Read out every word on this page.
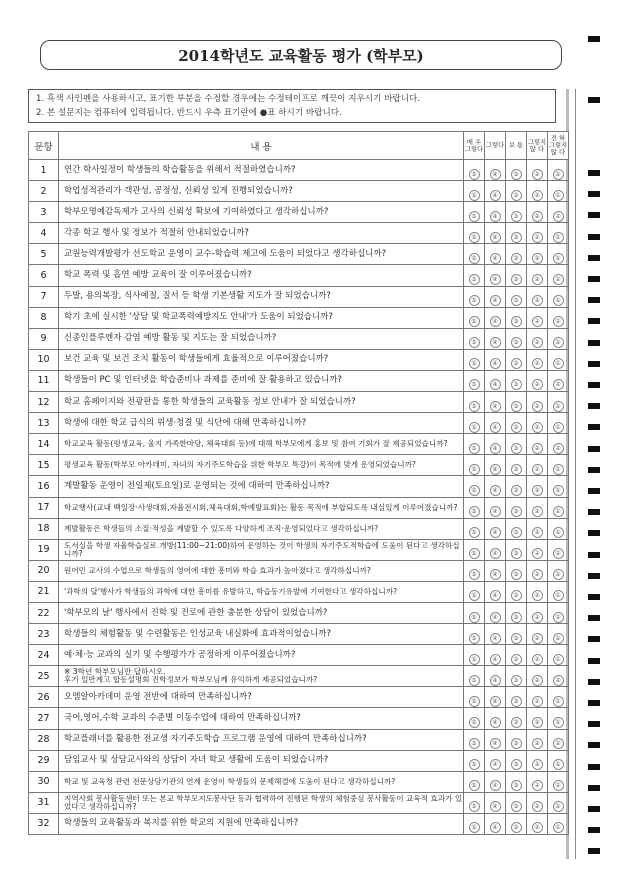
2014학년도 교육활동 평가 (학부모)
1. 흑색 사인펜을 사용하시고, 표기한 부분을 수정할 경우에는 수정테이프로 깨끗이 지우시기 바랍니다.
2. 본 설문지는 컴퓨터에 입력됩니다. 반드시 우측 표기란에 ●표 하시기 바랍니다.
문항	내 용	매 우 그렇다	그렇다	보 통	그렇지 않 다	전 혀 그렇지 않 다
1	연간 학사일정이 학생들의 학습활동을 위해서 적절하였습니까?	⑤	④	③	②	①
2	학업성적관리가 객관성, 공정성, 신뢰성 있게 진행되었습니까?	⑤	④	③	②	①
3	학부모명예감독제가 고사의 신뢰성 확보에 기여하였다고 생각하십니까?	⑤	④	③	②	①
4	각종 학교 행사 및 정보가 적절히 안내되었습니까?	⑤	④	③	②	①
5	교원능력개발평가 선도학교 운영이 교수-학습력 제고에 도움이 되었다고 생각하십니까?	⑤	④	③	②	①
6	학교 폭력 및 흡연 예방 교육이 잘 이루어졌습니까?	⑤	④	③	②	①
7	두발, 용의복장, 식사예절, 질서 등 학생 기본생활 지도가 잘 되었습니까?	⑤	④	③	②	①
8	학기 초에 실시한 '상담 및 학교폭력예방지도 안내'가 도움이 되었습니까?	⑤	④	③	②	①
9	신종인플루엔자 감염 예방 활동 및 지도는 잘 되었습니까?	⑤	④	③	②	①
10	보건 교육 및 보건 조치 활동이 학생들에게 효율적으로 이루어졌습니까?	⑤	④	③	②	①
11	학생들이 PC 및 인터넷을 학습준비나 과제를 준비에 잘 활용하고 있습니까?	⑤	④	③	②	①
12	학교 홈페이지와 전광판을 통한 학생들의 교육활동 정보 안내가 잘 되었습니까?	⑤	④	③	②	①
13	학생에 대한 학교 급식의 위생·청결 및 식단에 대해 만족하십니까?	⑤	④	③	②	①
14	학교교육 활동(평생교육, 울지 가족한마당, 체육대회 등)에 대해 학부모에게 홍보 및 참여 기회가 잘 제공되었습니까?	⑤	④	③	②	①
15	평생교육 활동(학부모 아카데미, 자녀의 자기주도학습을 위한 학부모 특강)이 목적에 맞게 운영되었습니까?	⑤	④	③	②	①
16	계발활동 운영이 전일제(토요일)로 운영되는 것에 대하여 만족하십니까?	⑤	④	③	②	①
17	학교행사(교내 백일장·사생대회,자율전시회,체육대회,학예발표회)는 활동 목적에 부합되도록 내실있게 이루어졌습니까?	⑤	④	③	②	①
18	계발활동은 학생들의 소질·적성을 계발할 수 있도록 다양하게 조직·운영되었다고 생각하십니까?	⑤	④	③	②	①
19	도서실을 학생 자율학습실로 개방(11:00~21:00)하여 운영하는 것이 학생의 자기주도적학습에 도움이 된다고 생각하십니까?	⑤	④	③	②	①
20	원어민 교사의 수업으로 학생들의 영어에 대한 흥미와 학습 효과가 높아졌다고 생각하십니까?	⑤	④	③	②	①
21	'과학의 달'행사가 학생들의 과학에 대한 흥미를 유발하고, 학습동기유발에 기여한다고 생각하십니까?	⑤	④	③	②	①
22	'학부모의 날' 행사에서 진학 및 진로에 관한 충분한 상담이 있었습니까?	⑤	④	③	②	①
23	학생들의 체험활동 및 수련활동은 인성교육 내실화에 효과적이었습니까?	⑤	④	③	②	①
24	예·체·능 교과의 실기 및 수행평가가 공정하게 이루어졌습니까?	⑤	④	③	②	①
25	※ 3학년 학부모님만 답하시오.
후기 일반계고 합동설명회 진학정보가 학부모님께 유익하게 제공되었습니까?	⑤	④	③	②	①
26	오엠알아카데미 운영 전반에 대하여 만족하십니까?	⑤	④	③	②	①
27	국어,영어,수학 교과의 수준별 이동수업에 대하여 만족하십니까?	⑤	④	③	②	①
28	학교플래너를 활용한 전교생 자기주도학습 프로그램 운영에 대하여 만족하십니까?	⑤	④	③	②	①
29	담임교사 및 상담교사와의 상담이 자녀 학교 생활에 도움이 되었습니까?	⑤	④	③	②	①
30	학교 및 교육청 관련 전문상담기관의 연계 운영이 학생들의 문제해결에 도움이 된다고 생각하십니까?	⑤	④	③	②	①
31	지역사회 봉사활동센터 또는 본교 학부모지도봉사단 등과 협력하여 진행된 학생의 체험중심 봉사활동이 교육적 효과가 있었다고 생각하십니까?	⑤	④	③	②	①
32	학생들의 교육활동과 복지를 위한 학교의 지원에 만족하십니까?	⑤	④	③	②	①
